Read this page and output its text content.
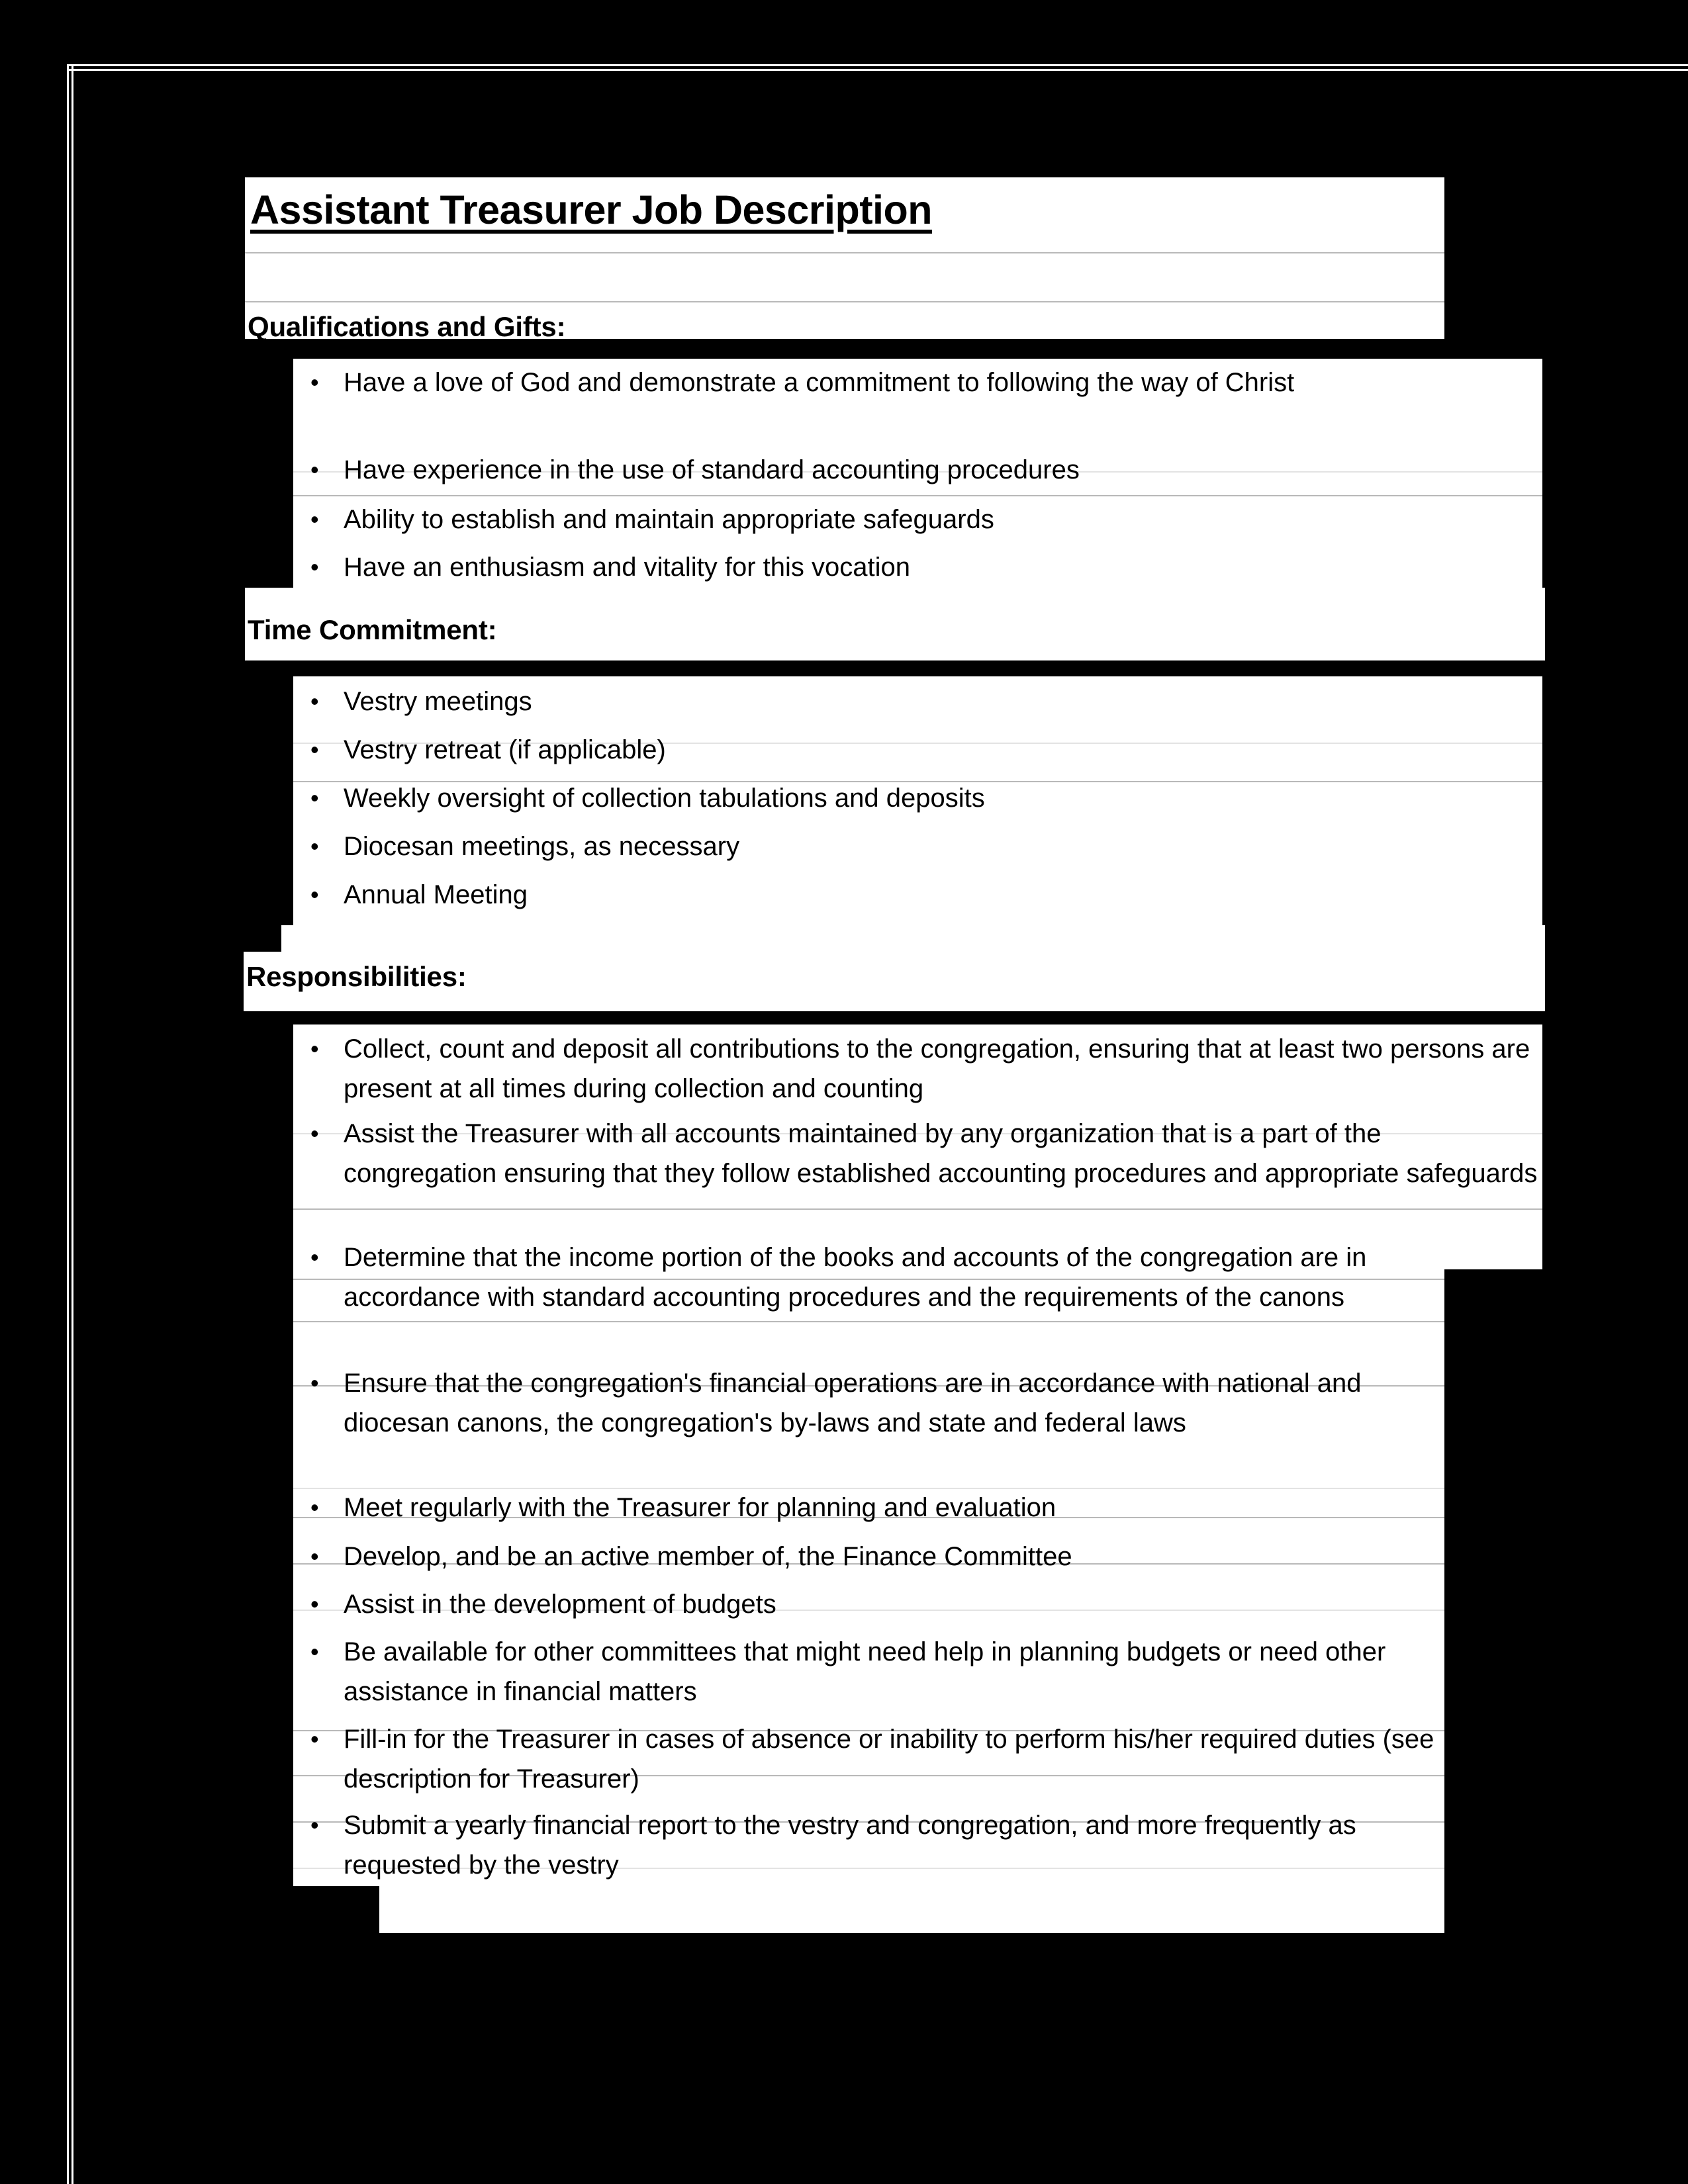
Assistant Treasurer Job Description
Qualifications and Gifts:
• Have a love of God and demonstrate a commitment to following the way of Christ
• Have experience in the use of standard accounting procedures
• Ability to establish and maintain appropriate safeguards
• Have an enthusiasm and vitality for this vocation
Time Commitment:
• Vestry meetings
• Vestry retreat (if applicable)
• Weekly oversight of collection tabulations and deposits
• Diocesan meetings, as necessary
• Annual Meeting
Responsibilities:
• Collect, count and deposit all contributions to the congregation, ensuring that at least two persons are present at all times during collection and counting
• Assist the Treasurer with all accounts maintained by any organization that is a part of the congregation ensuring that they follow established accounting procedures and appropriate safeguards
• Determine that the income portion of the books and accounts of the congregation are in accordance with standard accounting procedures and the requirements of the canons
• Ensure that the congregation's financial operations are in accordance with national and diocesan canons, the congregation's by-laws and state and federal laws
• Meet regularly with the Treasurer for planning and evaluation
• Develop, and be an active member of, the Finance Committee
• Assist in the development of budgets
• Be available for other committees that might need help in planning budgets or need other assistance in financial matters
• Fill-in for the Treasurer in cases of absence or inability to perform his/her required duties (see description for Treasurer)
• Submit a yearly financial report to the vestry and congregation, and more frequently as requested by the vestry
